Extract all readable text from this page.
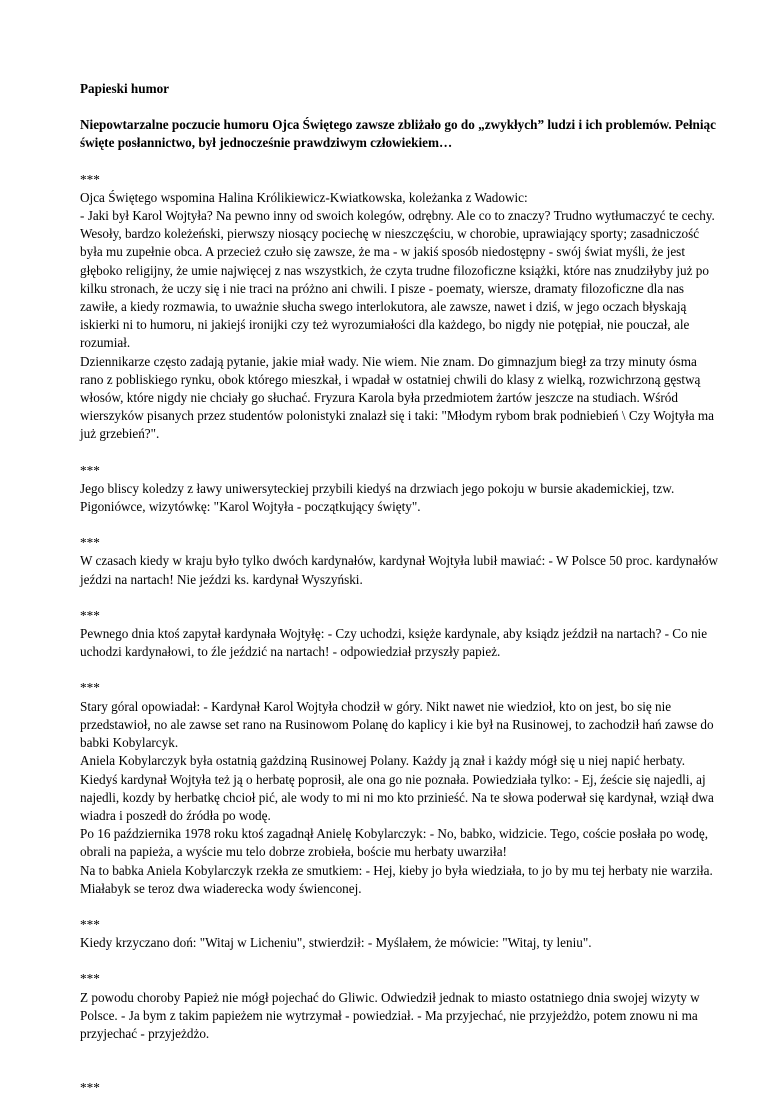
Papieski humor
Niepowtarzalne poczucie humoru Ojca Świętego zawsze zbliżało go do „zwykłych” ludzi i ich problemów. Pełniąc święte posłannictwo, był jednocześnie prawdziwym człowiekiem…
***

Ojca Świętego wspomina Halina Królikiewicz-Kwiatkowska, koleżanka z Wadowic:

- Jaki był Karol Wojtyła? Na pewno inny od swoich kolegów, odrębny. Ale co to znaczy? Trudno wytłumaczyć te cechy. Wesoły, bardzo koleżeński, pierwszy niosący pociechę w nieszczęściu, w chorobie, uprawiający sporty; zasadniczość była mu zupełnie obca. A przecież czuło się zawsze, że ma - w jakiś sposób niedostępny - swój świat myśli, że jest głęboko religijny, że umie najwięcej z nas wszystkich, że czyta trudne filozoficzne książki, które nas znudziłyby już po kilku stronach, że uczy się i nie traci na próżno ani chwili. I pisze - poematy, wiersze, dramaty filozoficzne dla nas zawiłe, a kiedy rozmawia, to uważnie słucha swego interlokutora, ale zawsze, nawet i dziś, w jego oczach błyskają iskierki ni to humoru, ni jakiejś ironijki czy też wyrozumiałości dla każdego, bo nigdy nie potępiał, nie pouczał, ale rozumiał.

Dziennikarze często zadają pytanie, jakie miał wady. Nie wiem. Nie znam. Do gimnazjum biegł za trzy minuty ósma rano z pobliskiego rynku, obok którego mieszkał, i wpadał w ostatniej chwili do klasy z wielką, rozwichrzoną gęstwą włosów, które nigdy nie chciały go słuchać. Fryzura Karola była przedmiotem żartów jeszcze na studiach. Wśród wierszyków pisanych przez studentów polonistyki znalazł się i taki: "Młodym rybom brak podniebień \ Czy Wojtyła ma już grzebień?".

***

Jego bliscy koledzy z ławy uniwersyteckiej przybili kiedyś na drzwiach jego pokoju w bursie akademickiej, tzw. Pigoniówce, wizytówkę: "Karol Wojtyła - początkujący święty".

***

W czasach kiedy w kraju było tylko dwóch kardynałów, kardynał Wojtyła lubił mawiać: - W Polsce 50 proc. kardynałów jeździ na nartach! Nie jeździ ks. kardynał Wyszyński.

***

Pewnego dnia ktoś zapytał kardynała Wojtyłę: - Czy uchodzi, księże kardynale, aby ksiądz jeździł na nartach? - Co nie uchodzi kardynałowi, to źle jeździć na nartach! - odpowiedział przyszły papież.

***

Stary góral opowiadał: - Kardynał Karol Wojtyła chodził w góry. Nikt nawet nie wiedzioł, kto on jest, bo się nie przedstawioł, no ale zawse set rano na Rusinowom Polanę do kaplicy i kie był na Rusinowej, to zachodził hań zawse do babki Kobylarcyk.

Aniela Kobylarczyk była ostatnią gażdziną Rusinowej Polany. Każdy ją znał i każdy mógł się u niej napić herbaty. Kiedyś kardynał Wojtyła też ją o herbatę poprosił, ale ona go nie poznała. Powiedziała tylko: - Ej, źeście się najedli, aj najedli, kozdy by herbatkę chcioł pić, ale wody to mi ni mo kto przinieść. Na te słowa poderwał się kardynał, wziął dwa wiadra i poszedł do źródła po wodę.

Po 16 października 1978 roku ktoś zagadnął Anielę Kobylarczyk: - No, babko, widzicie. Tego, coście posłała po wodę, obrali na papieża, a wyście mu telo dobrze zrobieła, boście mu herbaty uwarziła!

Na to babka Aniela Kobylarczyk rzekła ze smutkiem: - Hej, kieby jo była wiedziała, to jo by mu tej herbaty nie warziła. Miałabyk se teroz dwa wiaderecka wody świenconej.

***

Kiedy krzyczano doń: "Witaj w Licheniu", stwierdził: - Myślałem, że mówicie: "Witaj, ty leniu".

***

Z powodu choroby Papież nie mógł pojechać do Gliwic. Odwiedził jednak to miasto ostatniego dnia swojej wizyty w Polsce. - Ja bym z takim papieżem nie wytrzymał - powiedział. - Ma przyjechać, nie przyjeżdżo, potem znowu ni ma przyjechać - przyjeżdżo.

***
